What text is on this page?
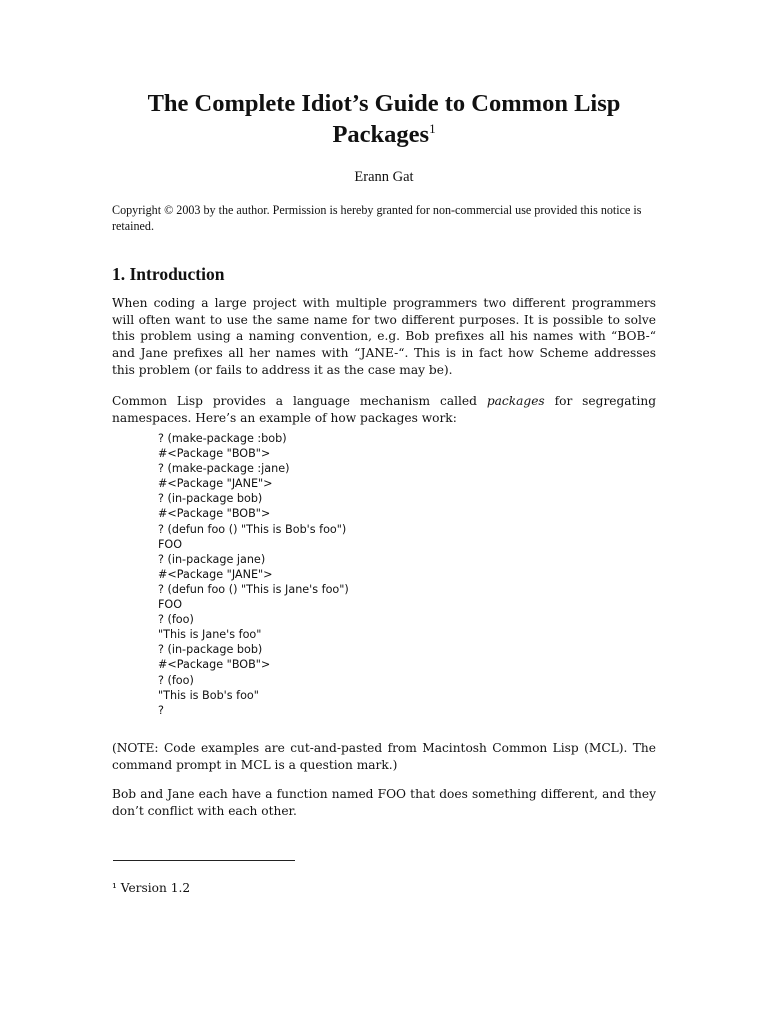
The Complete Idiot’s Guide to Common Lisp
Packages$^1$

Erann Gat

Copyright © 2003 by the author. Permission is hereby granted for non-commercial use provided this notice is retained.

1. Introduction

When coding a large project with multiple programmers two different programmers will often want to use the same name for two different purposes. It is possible to solve this problem using a naming convention, e.g. Bob prefixes all his names with “BOB-“ and Jane prefixes all her names with “JANE-“. This is in fact how Scheme addresses this problem (or fails to address it as the case may be).

Common Lisp provides a language mechanism called packages for segregating namespaces. Here’s an example of how packages work:

? (make-package :bob)
#<Package "BOB">
? (make-package :jane)
#<Package "JANE">
? (in-package bob)
#<Package "BOB">
? (defun foo () "This is Bob's foo")
FOO
? (in-package jane)
#<Package "JANE">
? (defun foo () "This is Jane's foo")
FOO
? (foo)
"This is Jane's foo"
? (in-package bob)
#<Package "BOB">
? (foo)
"This is Bob's foo"
?

(NOTE: Code examples are cut-and-pasted from Macintosh Common Lisp (MCL). The command prompt in MCL is a question mark.)

Bob and Jane each have a function named FOO that does something different, and they don’t conflict with each other.

¹ Version 1.2
